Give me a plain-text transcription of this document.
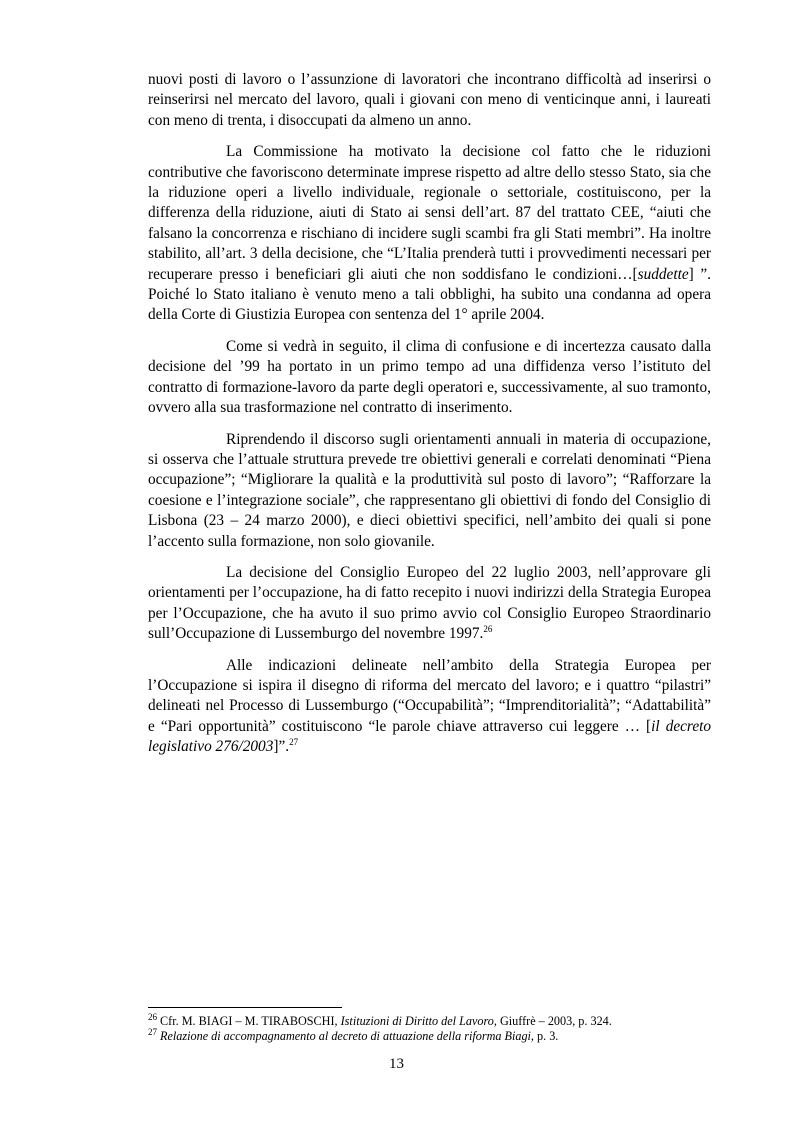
nuovi posti di lavoro o l’assunzione di lavoratori che incontrano difficoltà ad inserirsi o reinserirsi nel mercato del lavoro, quali i giovani con meno di venticinque anni, i laureati con meno di trenta, i disoccupati da almeno un anno.

La Commissione ha motivato la decisione col fatto che le riduzioni contributive che favoriscono determinate imprese rispetto ad altre dello stesso Stato, sia che la riduzione operi a livello individuale, regionale o settoriale, costituiscono, per la differenza della riduzione, aiuti di Stato ai sensi dell’art. 87 del trattato CEE, “aiuti che falsano la concorrenza e rischiano di incidere sugli scambi fra gli Stati membri”. Ha inoltre stabilito, all’art. 3 della decisione, che “L’Italia prenderà tutti i provvedimenti necessari per recuperare presso i beneficiari gli aiuti che non soddisfano le condizioni…[suddette] ”. Poiché lo Stato italiano è venuto meno a tali obblighi, ha subito una condanna ad opera della Corte di Giustizia Europea con sentenza del 1° aprile 2004.

Come si vedrà in seguito, il clima di confusione e di incertezza causato dalla decisione del ’99 ha portato in un primo tempo ad una diffidenza verso l’istituto del contratto di formazione-lavoro da parte degli operatori e, successivamente, al suo tramonto, ovvero alla sua trasformazione nel contratto di inserimento.

Riprendendo il discorso sugli orientamenti annuali in materia di occupazione, si osserva che l’attuale struttura prevede tre obiettivi generali e correlati denominati “Piena occupazione”; “Migliorare la qualità e la produttività sul posto di lavoro”; “Rafforzare la coesione e l’integrazione sociale”, che rappresentano gli obiettivi di fondo del Consiglio di Lisbona (23 – 24 marzo 2000), e dieci obiettivi specifici, nell’ambito dei quali si pone l’accento sulla formazione, non solo giovanile.

La decisione del Consiglio Europeo del 22 luglio 2003, nell’approvare gli orientamenti per l’occupazione, ha di fatto recepito i nuovi indirizzi della Strategia Europea per l’Occupazione, che ha avuto il suo primo avvio col Consiglio Europeo Straordinario sull’Occupazione di Lussemburgo del novembre 1997.26

Alle indicazioni delineate nell’ambito della Strategia Europea per l’Occupazione si ispira il disegno di riforma del mercato del lavoro; e i quattro “pilastri” delineati nel Processo di Lussemburgo (“Occupabilità”; “Imprenditorialità”; “Adattabilità” e “Pari opportunità” costituiscono “le parole chiave attraverso cui leggere … [il decreto legislativo 276/2003]”.$^{27}$

$^{26}$ Cfr. M. BIAGI – M. TIRABOSCHI, Istituzioni di Diritto del Lavoro, Giuffrè – 2003, p. 324.

$^{27}$ Relazione di accompagnamento al decreto di attuazione della riforma Biagi, p. 3.

13
